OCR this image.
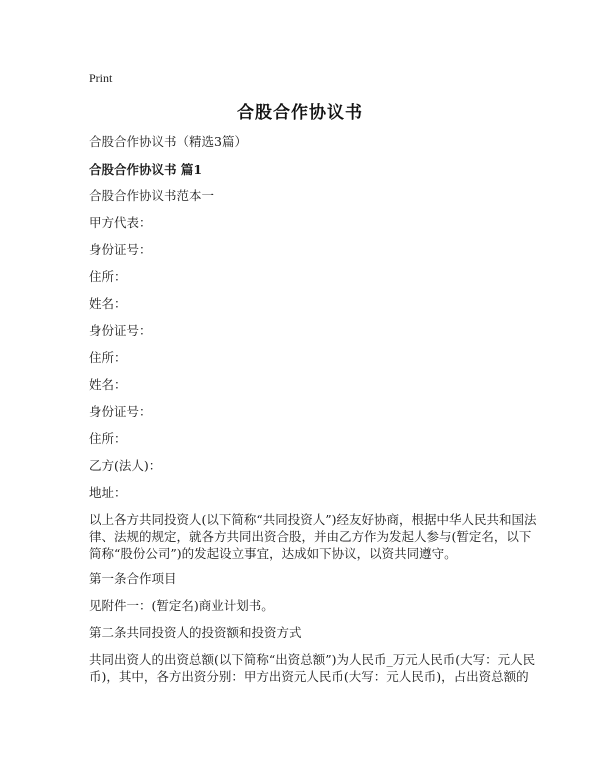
Print
合股合作协议书
合股合作协议书（精选3篇）
合股合作协议书 篇1
合股合作协议书范本一
甲方代表：
身份证号：
住所：
姓名：
身份证号：
住所：
姓名：
身份证号：
住所：
乙方(法人)：
地址：
以上各方共同投资人(以下简称“共同投资人”)经友好协商，根据中华人民共和国法
律、法规的规定，就各方共同出资合股，并由乙方作为发起人参与(暂定名，以下
简称“股份公司”)的发起设立事宜，达成如下协议，以资共同遵守。
第一条合作项目
见附件一：(暂定名)商业计划书。
第二条共同投资人的投资额和投资方式
共同出资人的出资总额(以下简称“出资总额”)为人民币_万元人民币(大写：元人民
币)，其中，各方出资分别：甲方出资元人民币(大写：元人民币)，占出资总额的
